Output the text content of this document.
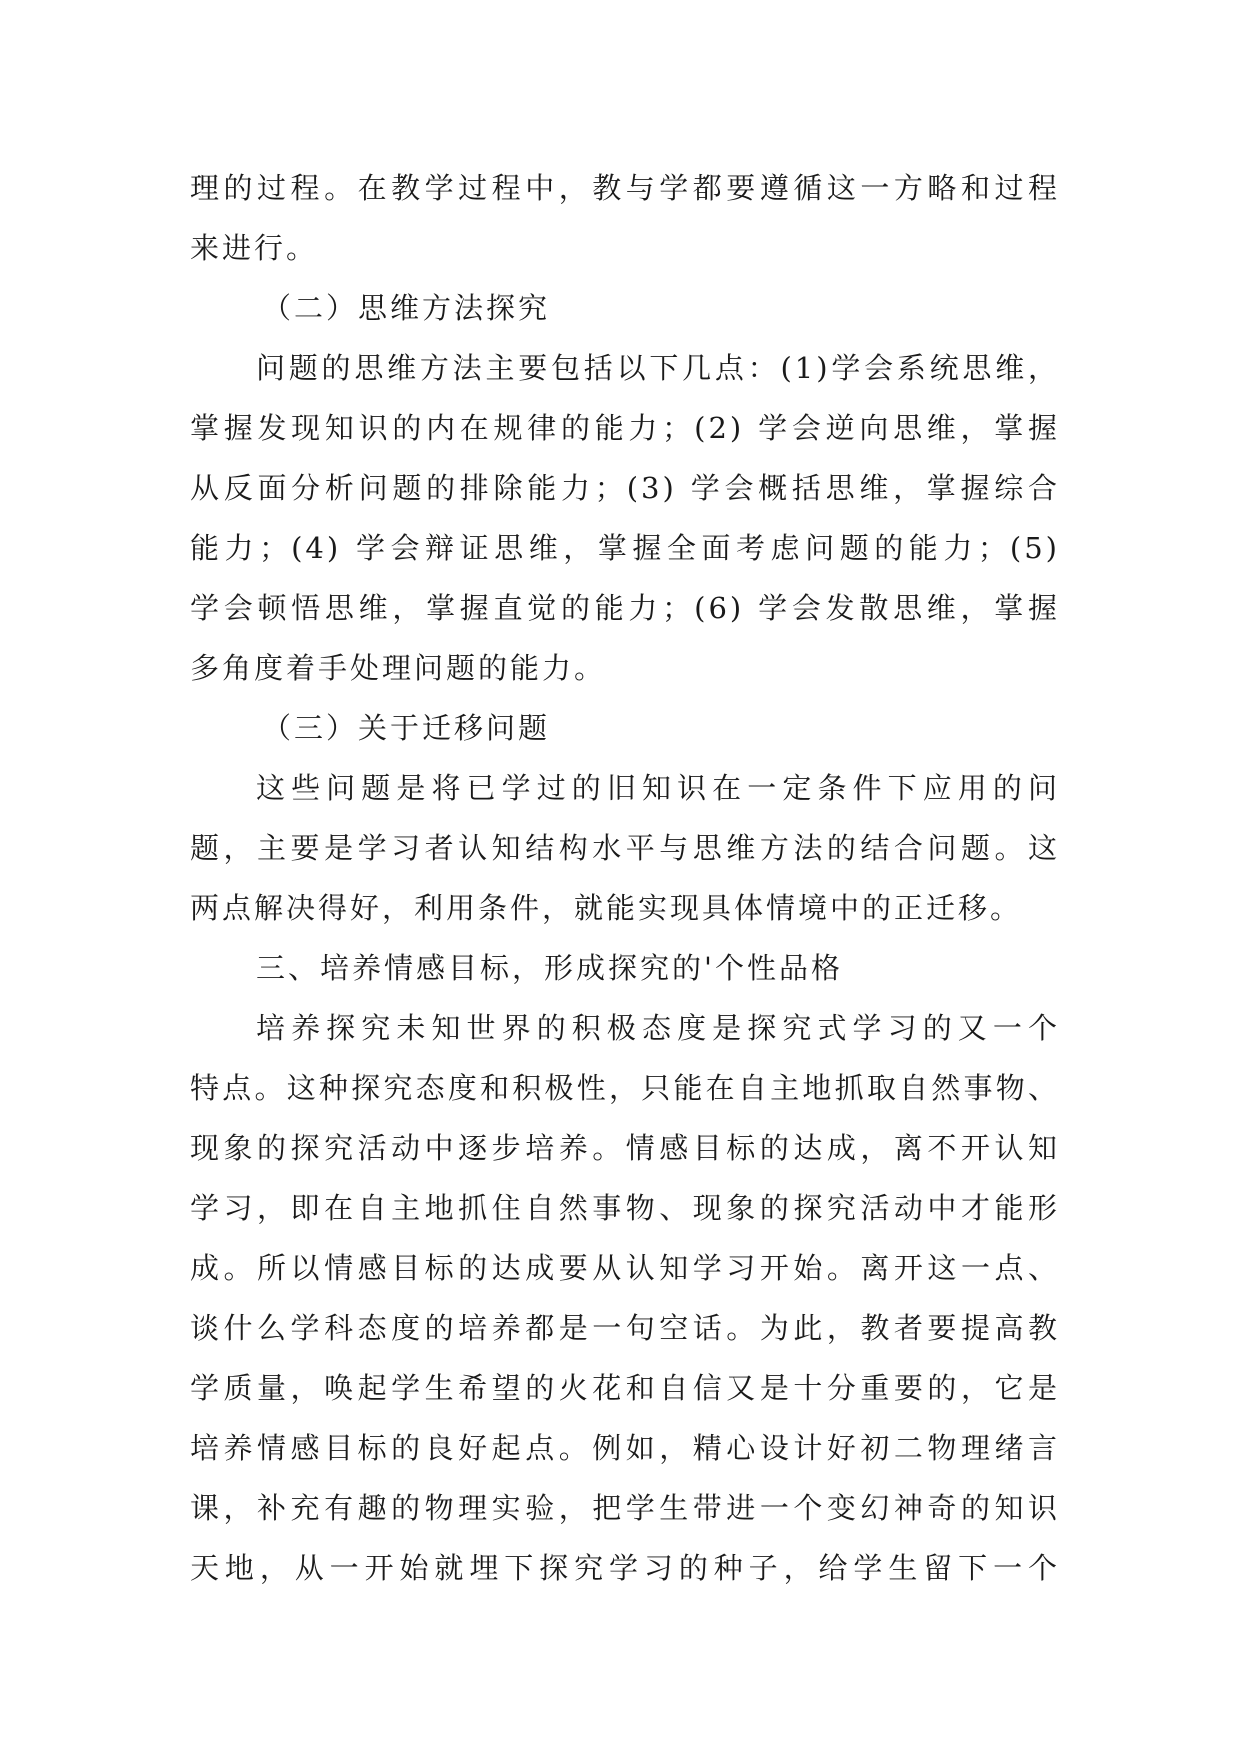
理的过程。在教学过程中，教与学都要遵循这一方略和过程
来进行。
（二）思维方法探究
问题的思维方法主要包括以下几点：(1)学会系统思维，
掌握发现知识的内在规律的能力；(2) 学会逆向思维，掌握
从反面分析问题的排除能力；(3) 学会概括思维，掌握综合
能力；(4) 学会辩证思维，掌握全面考虑问题的能力；(5)
学会顿悟思维，掌握直觉的能力；(6) 学会发散思维，掌握
多角度着手处理问题的能力。
（三）关于迁移问题
这些问题是将已学过的旧知识在一定条件下应用的问
题，主要是学习者认知结构水平与思维方法的结合问题。这
两点解决得好，利用条件，就能实现具体情境中的正迁移。
三、培养情感目标，形成探究的'个性品格
培养探究未知世界的积极态度是探究式学习的又一个
特点。这种探究态度和积极性，只能在自主地抓取自然事物、
现象的探究活动中逐步培养。情感目标的达成，离不开认知
学习，即在自主地抓住自然事物、现象的探究活动中才能形
成。所以情感目标的达成要从认知学习开始。离开这一点、
谈什么学科态度的培养都是一句空话。为此，教者要提高教
学质量，唤起学生希望的火花和自信又是十分重要的，它是
培养情感目标的良好起点。例如，精心设计好初二物理绪言
课，补充有趣的物理实验，把学生带进一个变幻神奇的知识
天地，从一开始就埋下探究学习的种子，给学生留下一个
